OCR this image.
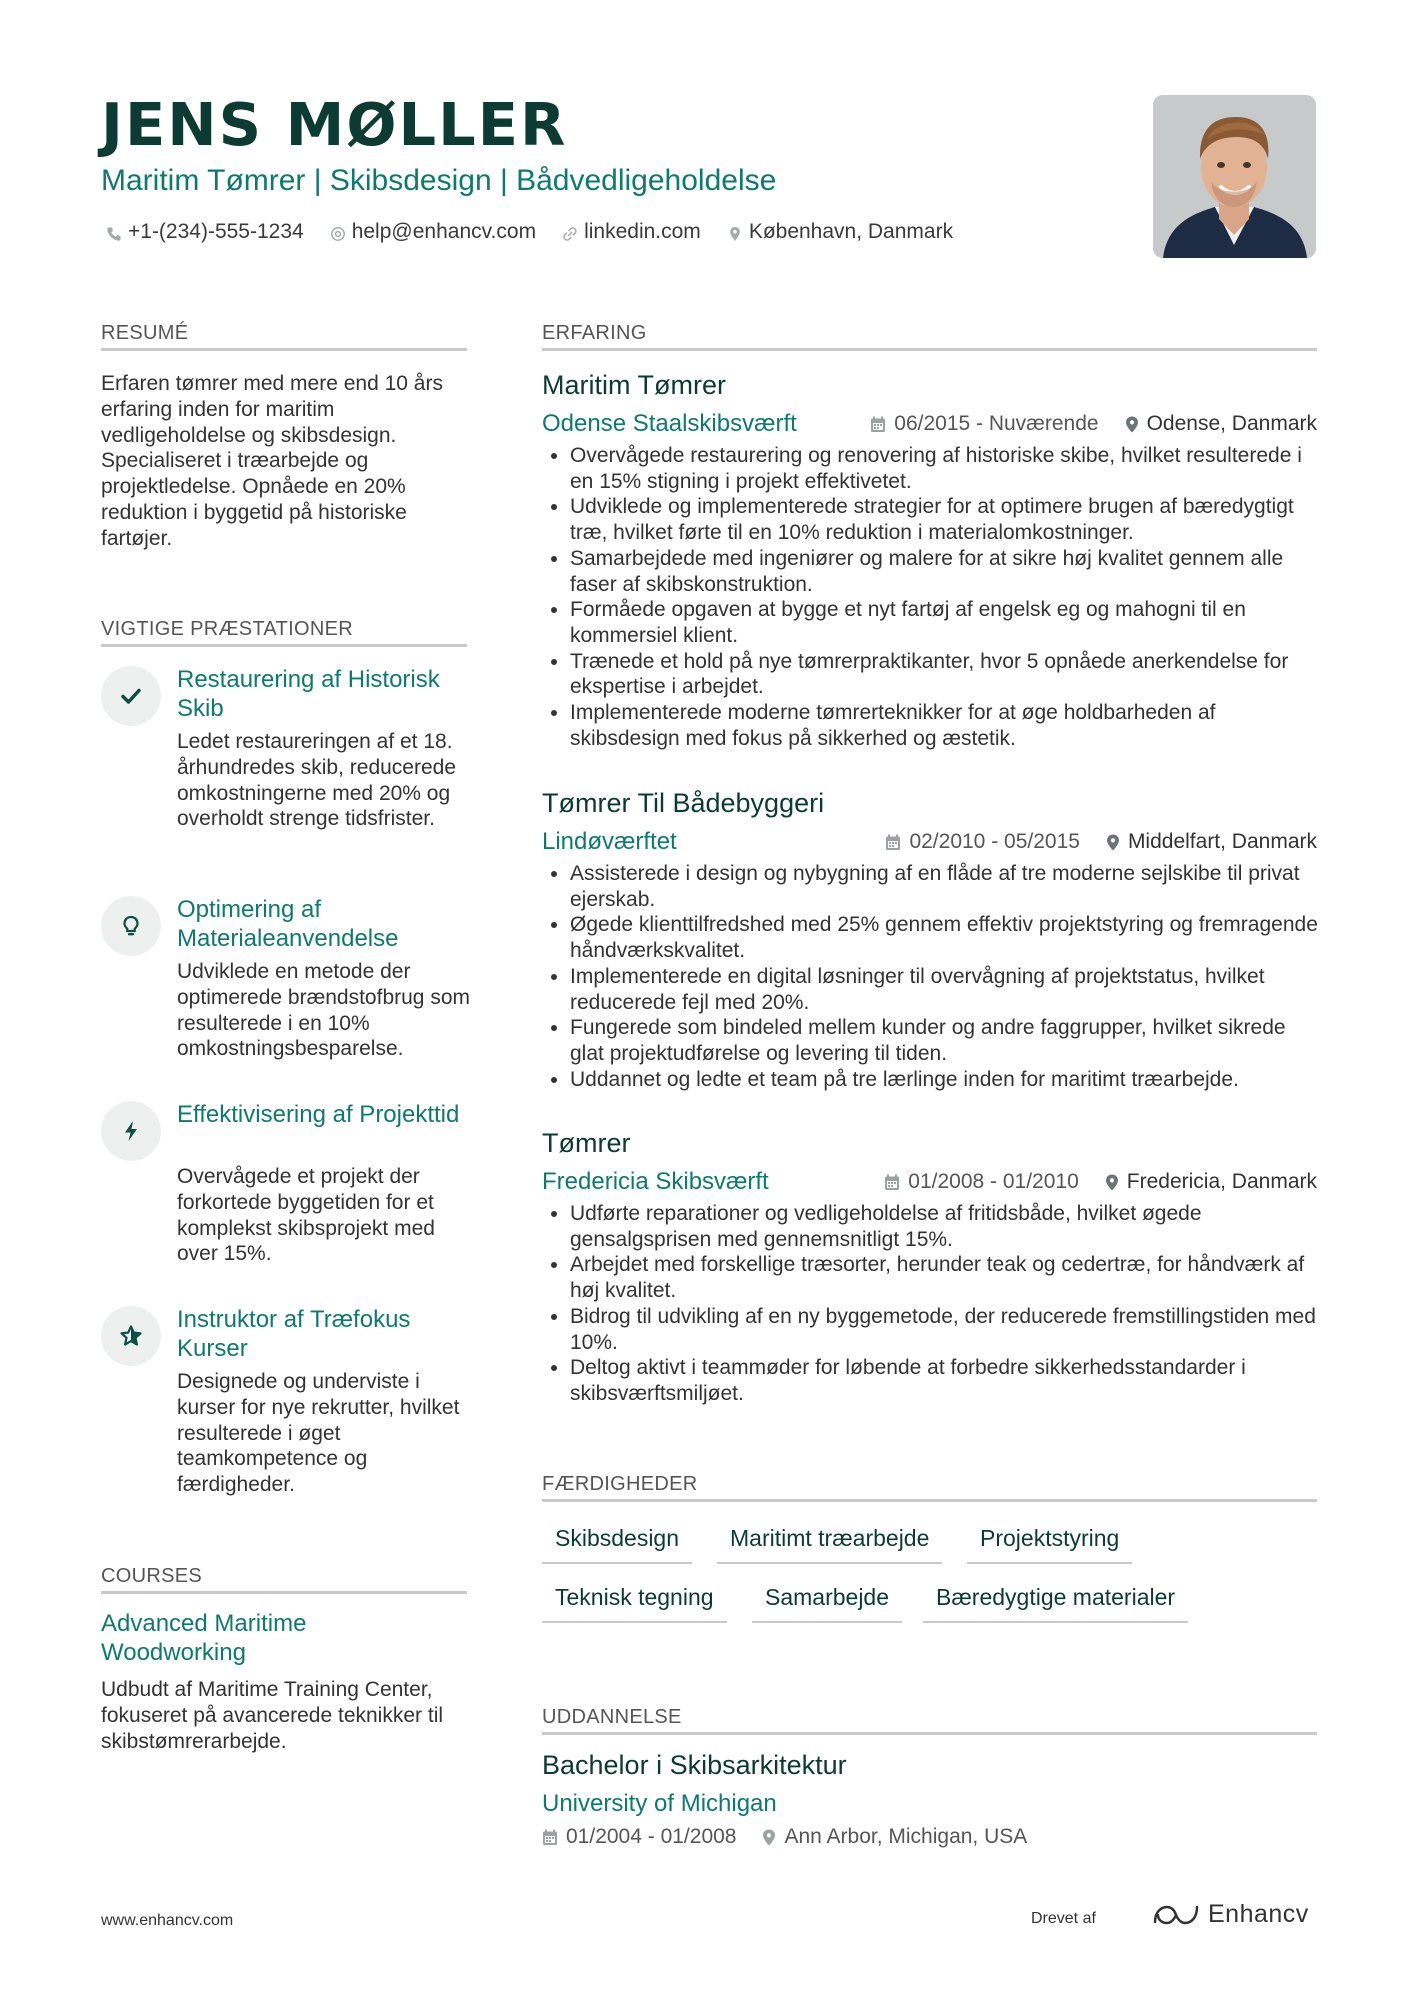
JENS MØLLER
Maritim Tømrer | Skibsdesign | Bådvedligeholdelse
+1-(234)-555-1234 help@enhancv.com linkedin.com København, Danmark
RESUMÉ
Erfaren tømrer med mere end 10 års erfaring inden for maritim vedligeholdelse og skibsdesign. Specialiseret i træarbejde og projektledelse. Opnåede en 20% reduktion i byggetid på historiske fartøjer.
VIGTIGE PRÆSTATIONER
Restaurering af Historisk Skib
Ledet restaureringen af et 18. århundredes skib, reducerede omkostningerne med 20% og overholdt strenge tidsfrister.
Optimering af Materialeanvendelse
Udviklede en metode der optimerede brændstofbrug som resulterede i en 10% omkostningsbesparelse.
Effektivisering af Projekttid
Overvågede et projekt der forkortede byggetiden for et komplekst skibsprojekt med over 15%.
Instruktor af Træfokus Kurser
Designede og underviste i kurser for nye rekrutter, hvilket resulterede i øget teamkompetence og færdigheder.
COURSES
Advanced Maritime Woodworking
Udbudt af Maritime Training Center, fokuseret på avancerede teknikker til skibstømrerarbejde.
ERFARING
Maritim Tømrer
Odense Staalskibsværft	06/2015 - Nuværende Odense, Danmark
• Overvågede restaurering og renovering af historiske skibe, hvilket resulterede i en 15% stigning i projekt effektivetet.
• Udviklede og implementerede strategier for at optimere brugen af bæredygtigt træ, hvilket førte til en 10% reduktion i materialomkostninger.
• Samarbejdede med ingeniører og malere for at sikre høj kvalitet gennem alle faser af skibskonstruktion.
• Formåede opgaven at bygge et nyt fartøj af engelsk eg og mahogni til en kommersiel klient.
• Trænede et hold på nye tømrerpraktikanter, hvor 5 opnåede anerkendelse for ekspertise i arbejdet.
• Implementerede moderne tømrerteknikker for at øge holdbarheden af skibsdesign med fokus på sikkerhed og æstetik.
Tømrer Til Bådebyggeri
Lindøværftet	02/2010 - 05/2015 Middelfart, Danmark
• Assisterede i design og nybygning af en flåde af tre moderne sejlskibe til privat ejerskab.
• Øgede klienttilfredshed med 25% gennem effektiv projektstyring og fremragende håndværkskvalitet.
• Implementerede en digital løsninger til overvågning af projektstatus, hvilket reducerede fejl med 20%.
• Fungerede som bindeled mellem kunder og andre faggrupper, hvilket sikrede glat projektudførelse og levering til tiden.
• Uddannet og ledte et team på tre lærlinge inden for maritimt træarbejde.
Tømrer
Fredericia Skibsværft	01/2008 - 01/2010 Fredericia, Danmark
• Udførte reparationer og vedligeholdelse af fritidsbåde, hvilket øgede gensalgsprisen med gennemsnitligt 15%.
• Arbejdet med forskellige træsorter, herunder teak og cedertræ, for håndværk af høj kvalitet.
• Bidrog til udvikling af en ny byggemetode, der reducerede fremstillingstiden med 10%.
• Deltog aktivt i teammøder for løbende at forbedre sikkerhedsstandarder i skibsværftsmiljøet.
FÆRDIGHEDER
Skibsdesign	Maritimt træarbejde	Projektstyring
Teknisk tegning	Samarbejde	Bæredygtige materialer
UDDANNELSE
Bachelor i Skibsarkitektur
University of Michigan
01/2004 - 01/2008 Ann Arbor, Michigan, USA
www.enhancv.com	Drevet af	Enhancv
